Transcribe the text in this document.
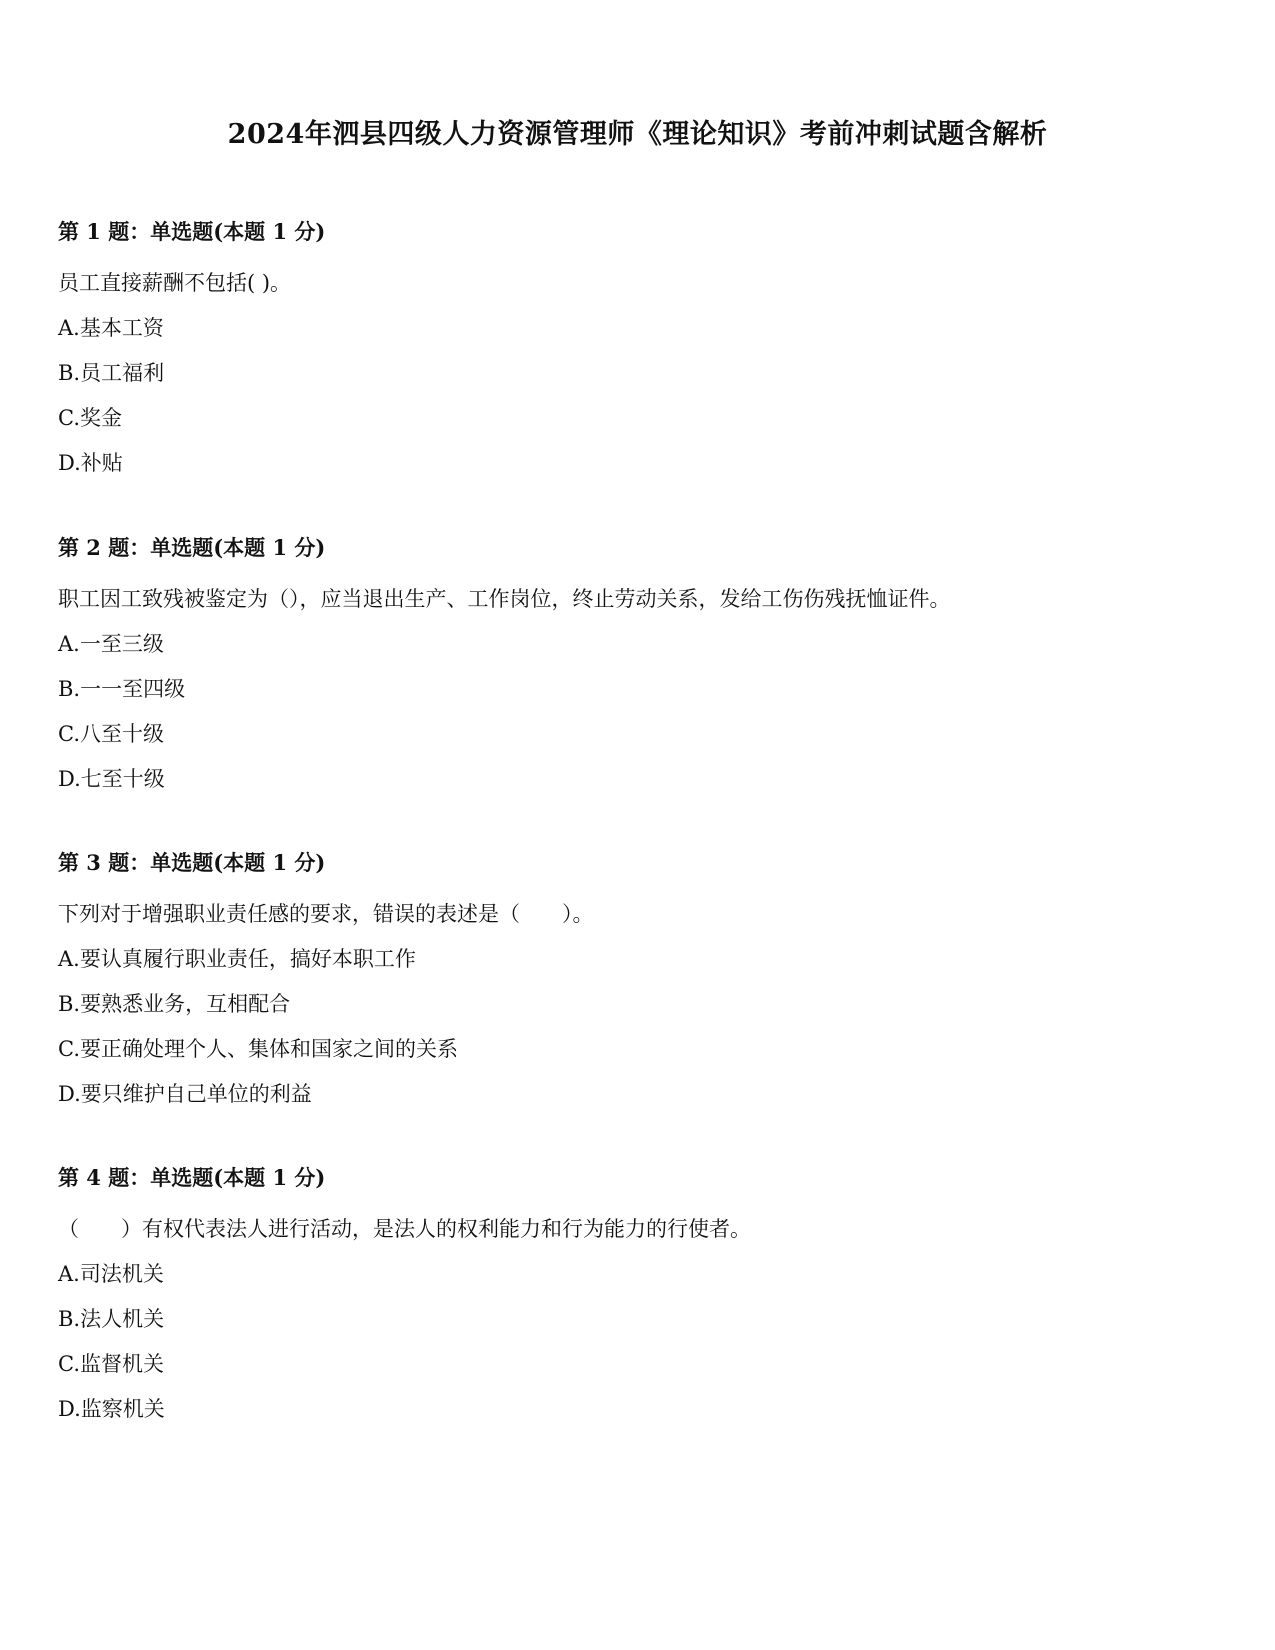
2024年泗县四级人力资源管理师《理论知识》考前冲刺试题含解析

第 1 题：单选题(本题 1 分)

员工直接薪酬不包括( )。

A.基本工资

B.员工福利

C.奖金

D.补贴

第 2 题：单选题(本题 1 分)

职工因工致残被鉴定为（），应当退出生产、工作岗位，终止劳动关系，发给工伤伤残抚恤证件。

A.一至三级

B.一一至四级

C.八至十级

D.七至十级

第 3 题：单选题(本题 1 分)

下列对于增强职业责任感的要求，错误的表述是（　　）。

A.要认真履行职业责任，搞好本职工作

B.要熟悉业务，互相配合

C.要正确处理个人、集体和国家之间的关系

D.要只维护自己单位的利益

第 4 题：单选题(本题 1 分)

（　　）有权代表法人进行活动，是法人的权利能力和行为能力的行使者。

A.司法机关

B.法人机关

C.监督机关

D.监察机关
